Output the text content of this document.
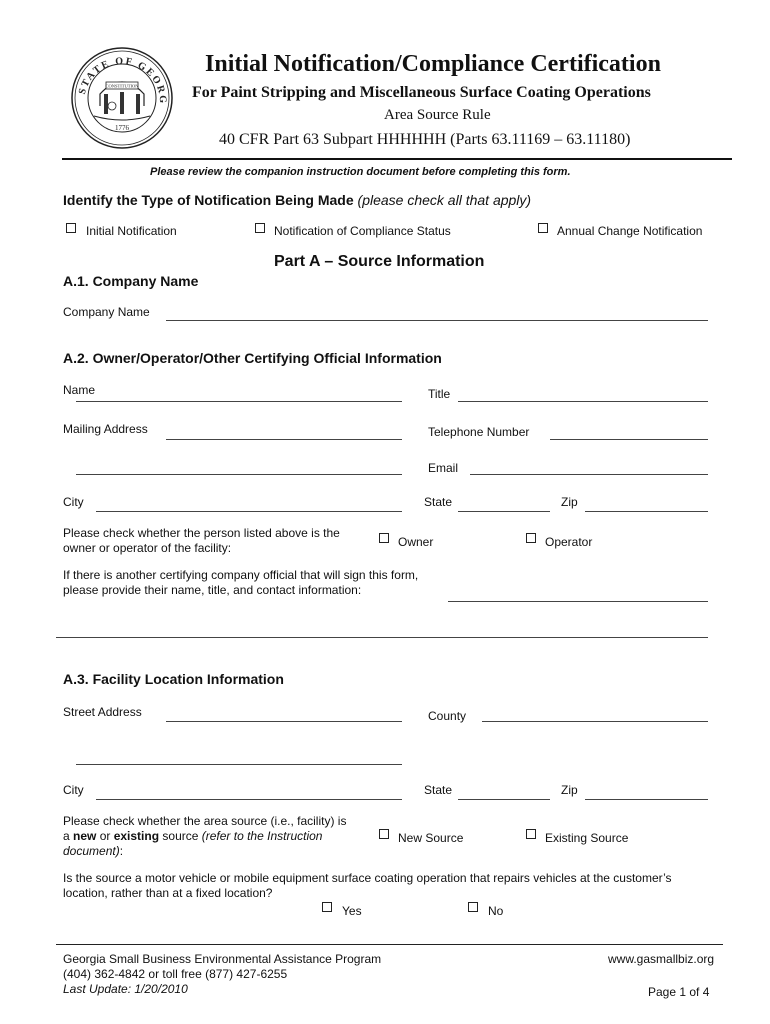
STATE OF GEORG
CONSTITUTION
1776
Initial Notification/Compliance Certification
For Paint Stripping and Miscellaneous Surface Coating Operations
Area Source Rule
40 CFR Part 63 Subpart HHHHHH (Parts 63.11169 – 63.11180)
Please review the companion instruction document before completing this form.
Identify the Type of Notification Being Made (please check all that apply)
Initial Notification	Notification of Compliance Status	Annual Change Notification
Part A – Source Information
A.1. Company Name
Company Name
A.2. Owner/Operator/Other Certifying Official Information
Name	Title
Mailing Address	Telephone Number
Email
City	State	Zip
Please check whether the person listed above is the
owner or operator of the facility:	Owner	Operator
If there is another certifying company official that will sign this form,
please provide their name, title, and contact information:
A.3. Facility Location Information
Street Address	County
City	State	Zip
Please check whether the area source (i.e., facility) is
a new or existing source (refer to the Instruction
document):
New Source	Existing Source
Is the source a motor vehicle or mobile equipment surface coating operation that repairs vehicles at the customer’s
location, rather than at a fixed location?
Yes	No
Georgia Small Business Environmental Assistance Program
(404) 362-4842 or toll free (877) 427-6255
Last Update: 1/20/2010
www.gasmallbiz.org
Page 1 of 4
